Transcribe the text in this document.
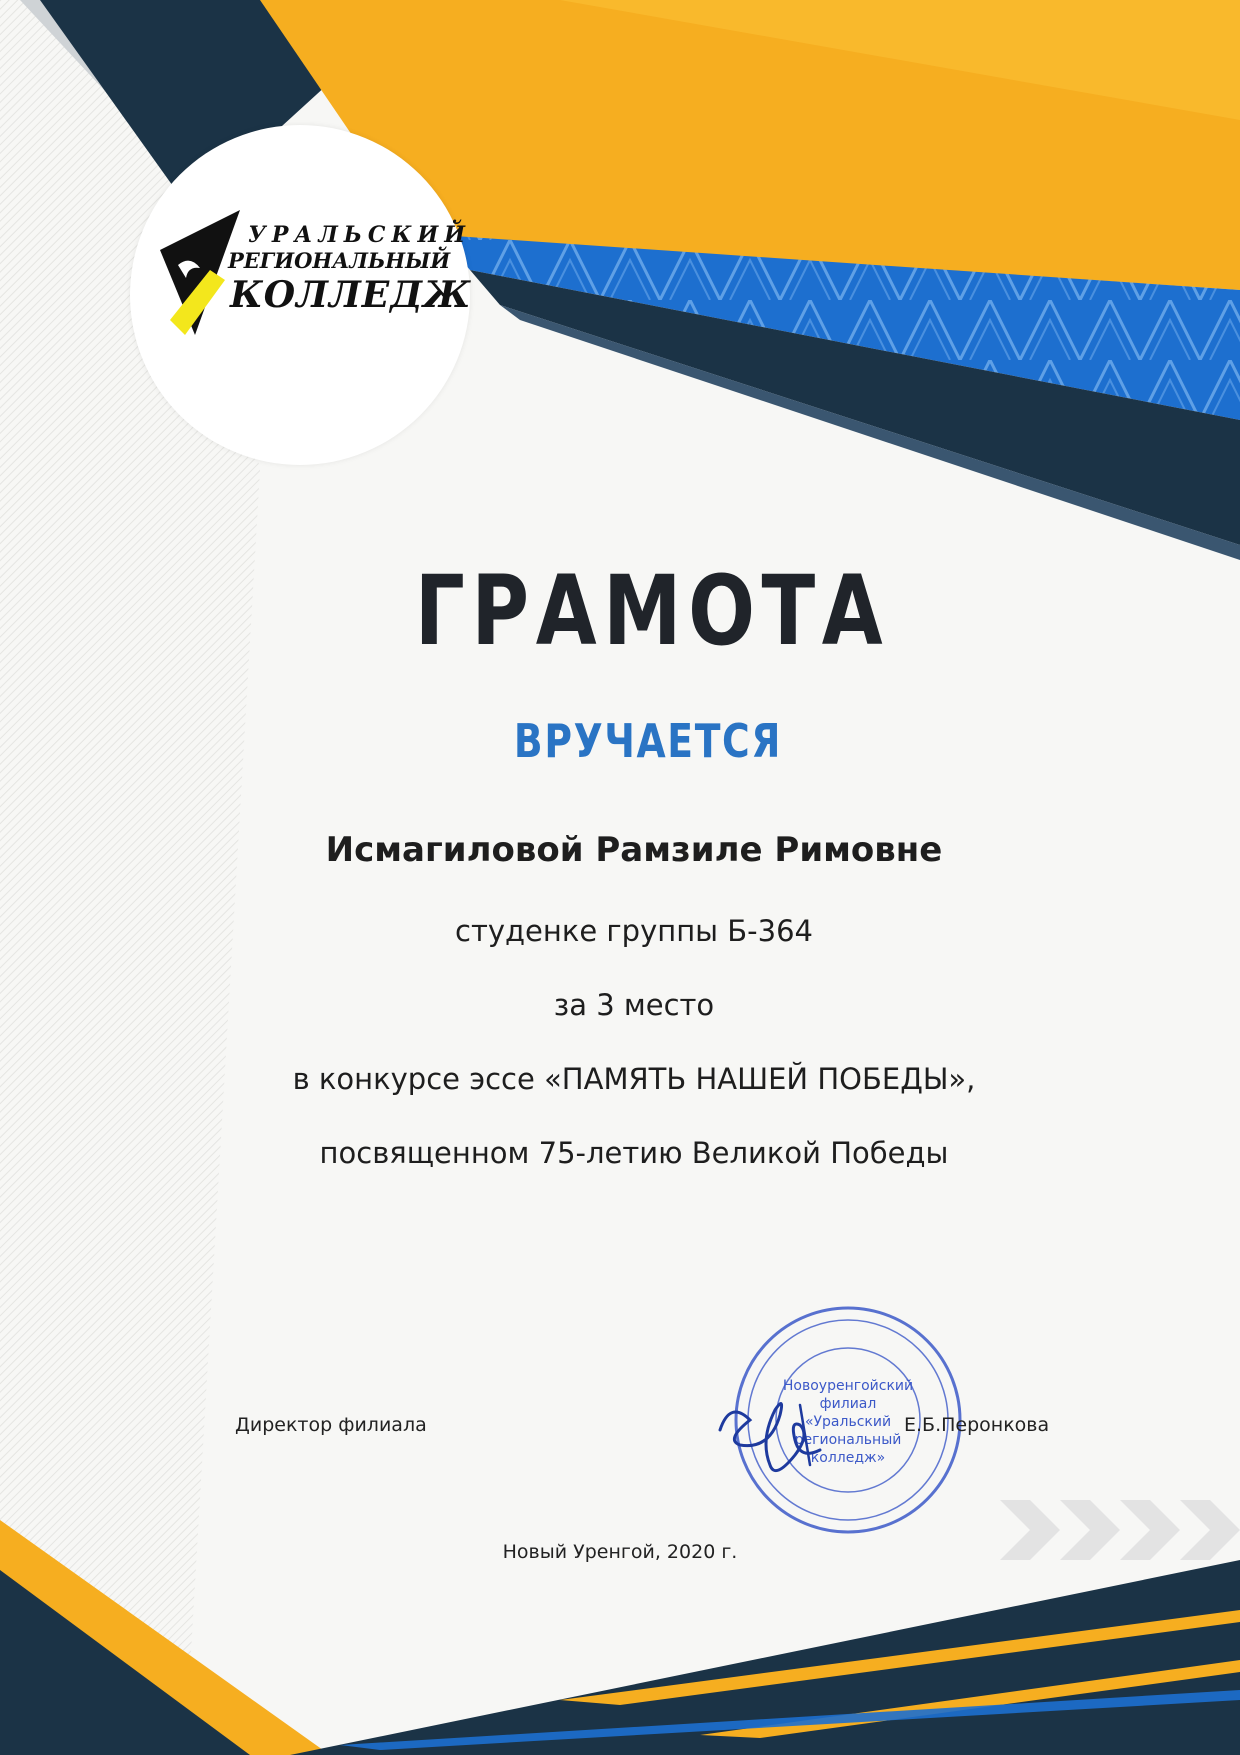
УРАЛЬСКИЙ
РЕГИОНАЛЬНЫЙ
КОЛЛЕДЖ
ГРАМОТА
ВРУЧАЕТСЯ
Исмагиловой Рамзиле Римовне
студенке группы Б-364
за 3 место
в конкурсе эссе «ПАМЯТЬ НАШЕЙ ПОБЕДЫ»,
посвященном 75-летию Великой Победы
Новоуренгойский
филиал
«Уральский
региональный
колледж»
Директор филиала	Е.Б.Перонкова
Новый Уренгой, 2020 г.
